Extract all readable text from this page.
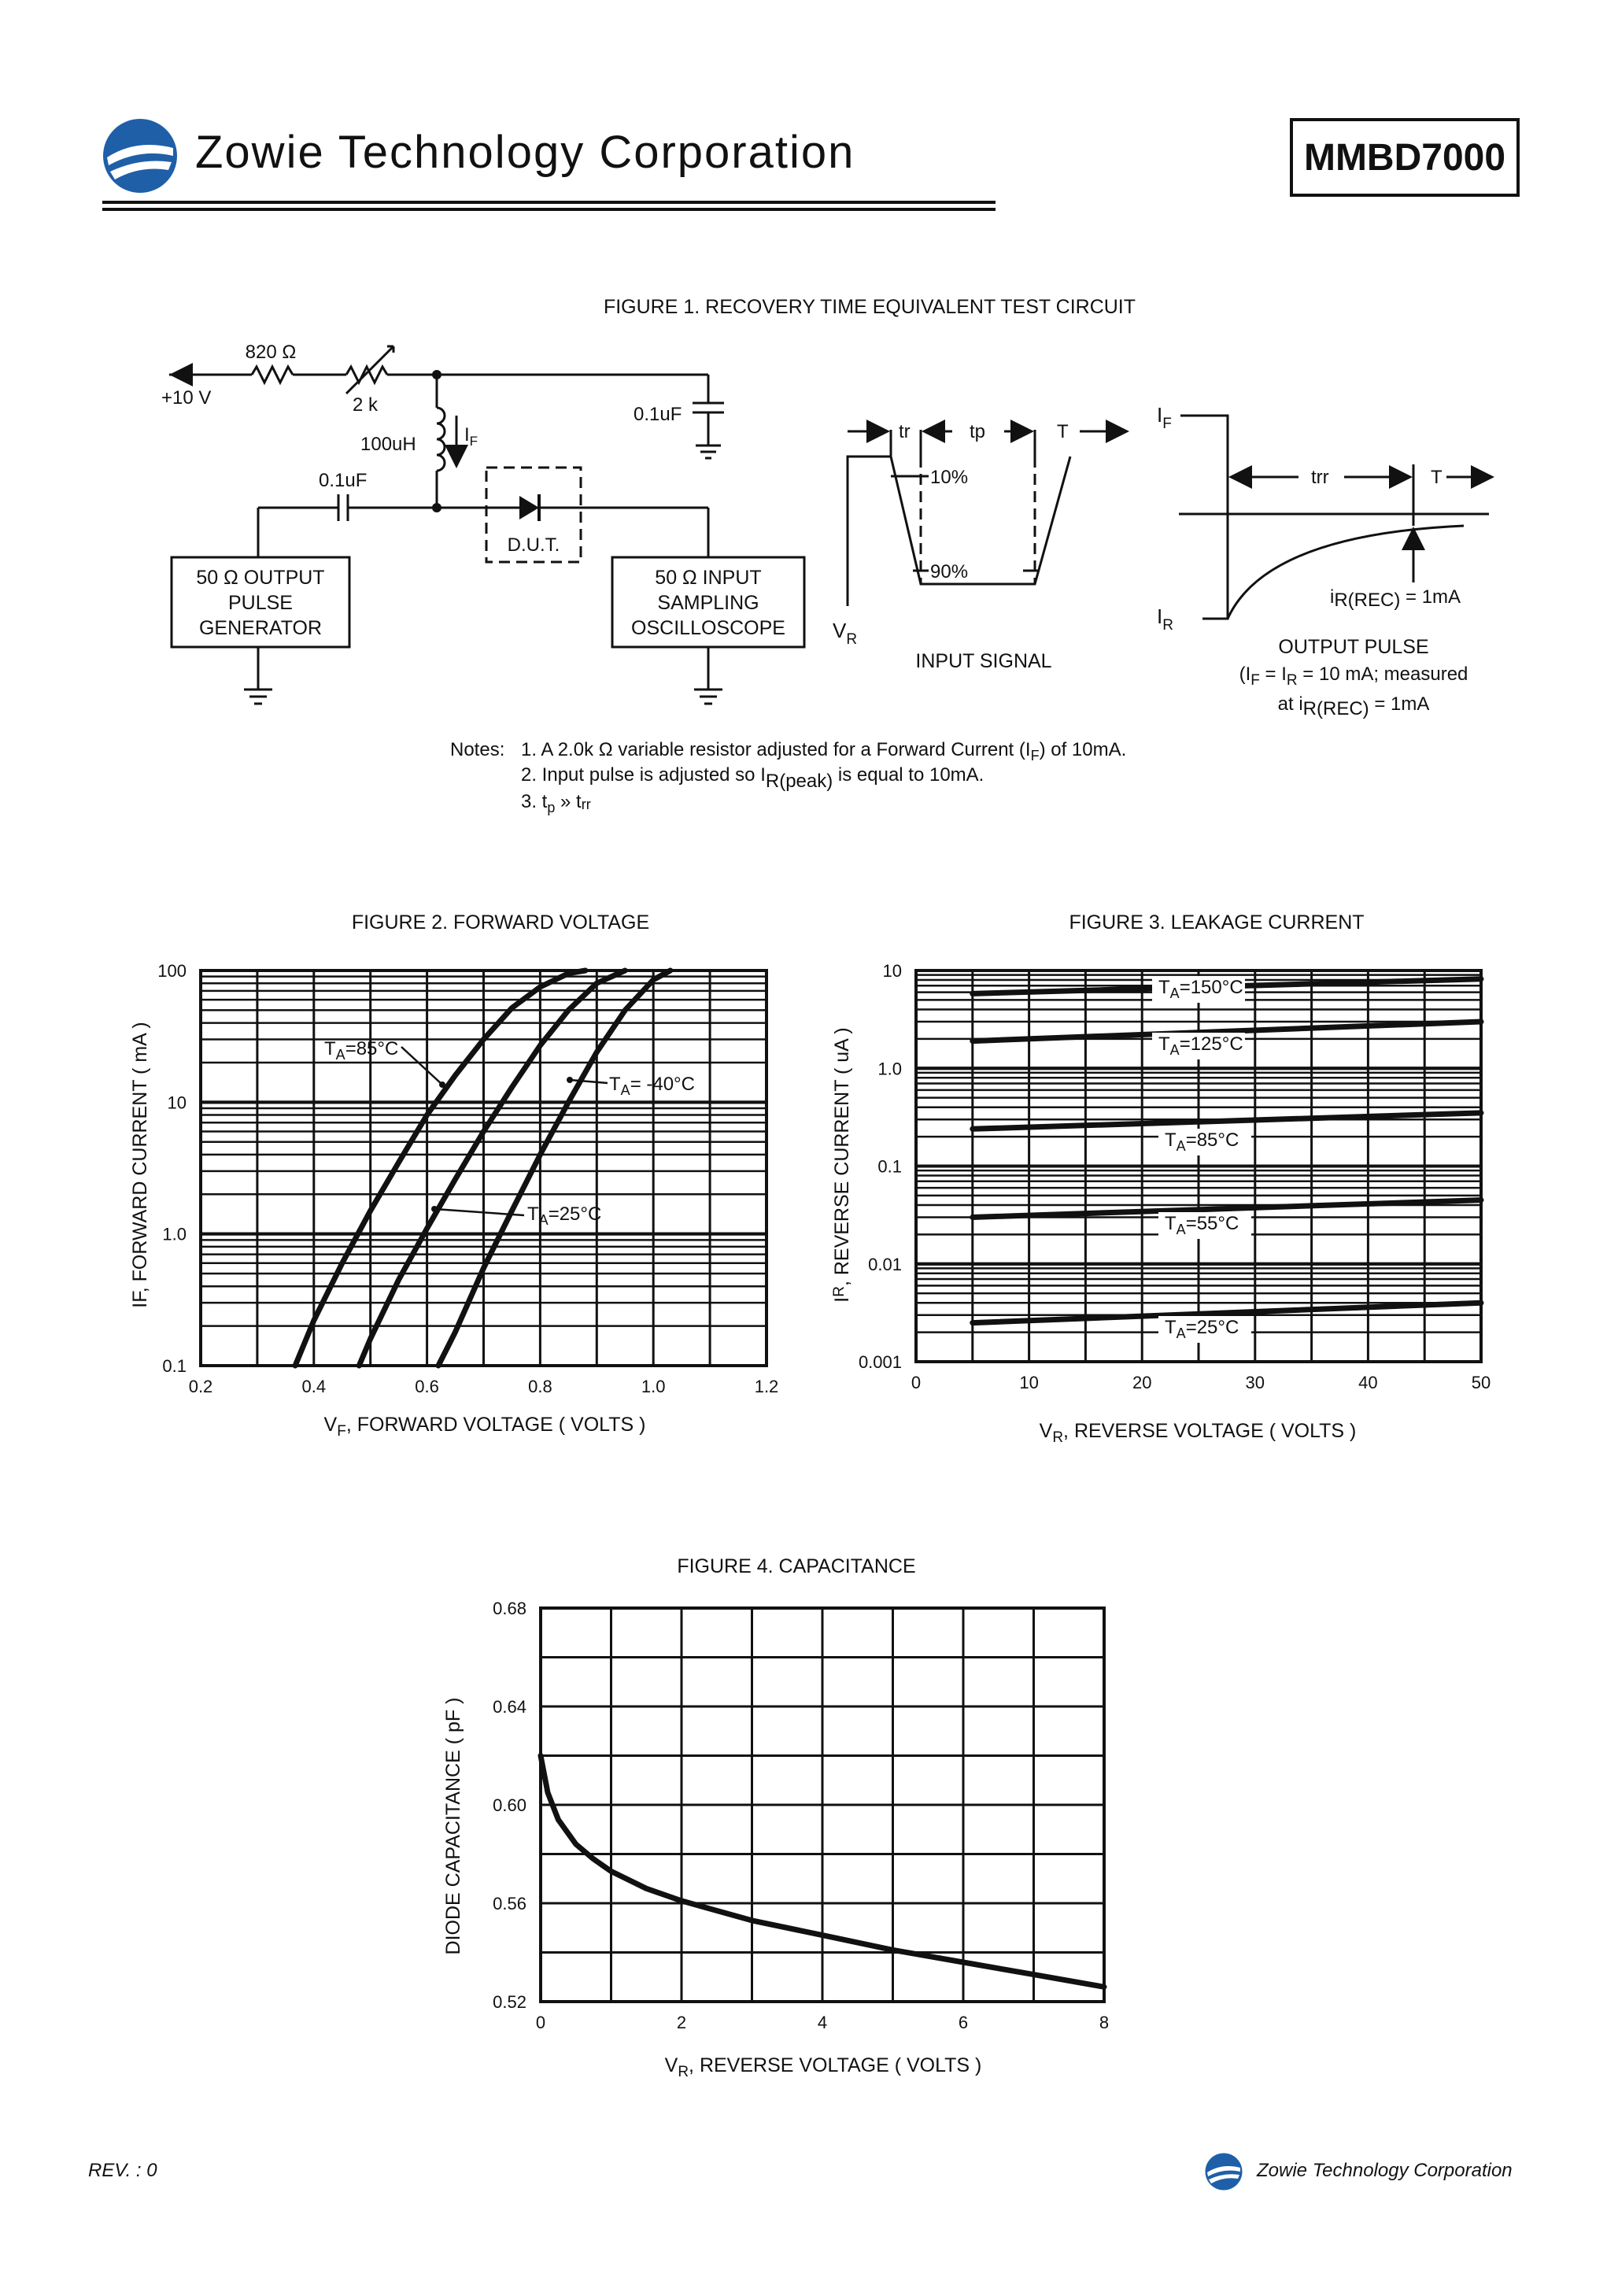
Zowie Technology Corporation	MMBD7000
FIGURE 1. RECOVERY TIME EQUIVALENT TEST CIRCUIT
820 Ω
+10 V	2 k
100uH	$I_F$
0.1uF
0.1uF
D.U.T.
50 Ω OUTPUT
PULSE
GENERATOR
50 Ω INPUT
SAMPLING
OSCILLOSCOPE
tr	tp	T
10%
90%
$V_R$
INPUT SIGNAL
$I_F$
trr	T
$I_R$
iR(REC) = 1mA
OUTPUT PULSE
($I_F = I_R = 10$ mA; measured
at iR(REC) = 1mA
Notes: 1. A 2.0k Ω variable resistor adjusted for a Forward Current $(I_F)$ of 10mA.
2. Input pulse is adjusted so IR(peak) is equal to 10mA.
3. $t_p$ » trr
FIGURE 2. FORWARD VOLTAGE
0.2	0.4	0.6	0.8	1.0	1.2
0.1
1.0
10
100
$T_A=85^\circ C$
$T_A= -40^\circ C$
$T_A=25^\circ C$
$V_F$, FORWARD VOLTAGE ( VOLTS )
IF, FORWARD CURRENT ( mA )
FIGURE 3. LEAKAGE CURRENT
0	10	20	30	40	50
0.001
0.01
0.1
1.0
10
$T_A=150^\circ C$
$T_A=125^\circ C$
$T_A=85^\circ C$
$T_A=55^\circ C$
$T_A=25^\circ C$
$V_R$, REVERSE VOLTAGE ( VOLTS )
$I^R$, REVERSE CURRENT ( uA )
FIGURE 4. CAPACITANCE
0	2	4	6	8
0.52
0.56
0.60
0.64
0.68
$V_R$, REVERSE VOLTAGE ( VOLTS )
DIODE CAPACITANCE ( pF )
REV. : 0	Zowie Technology Corporation
